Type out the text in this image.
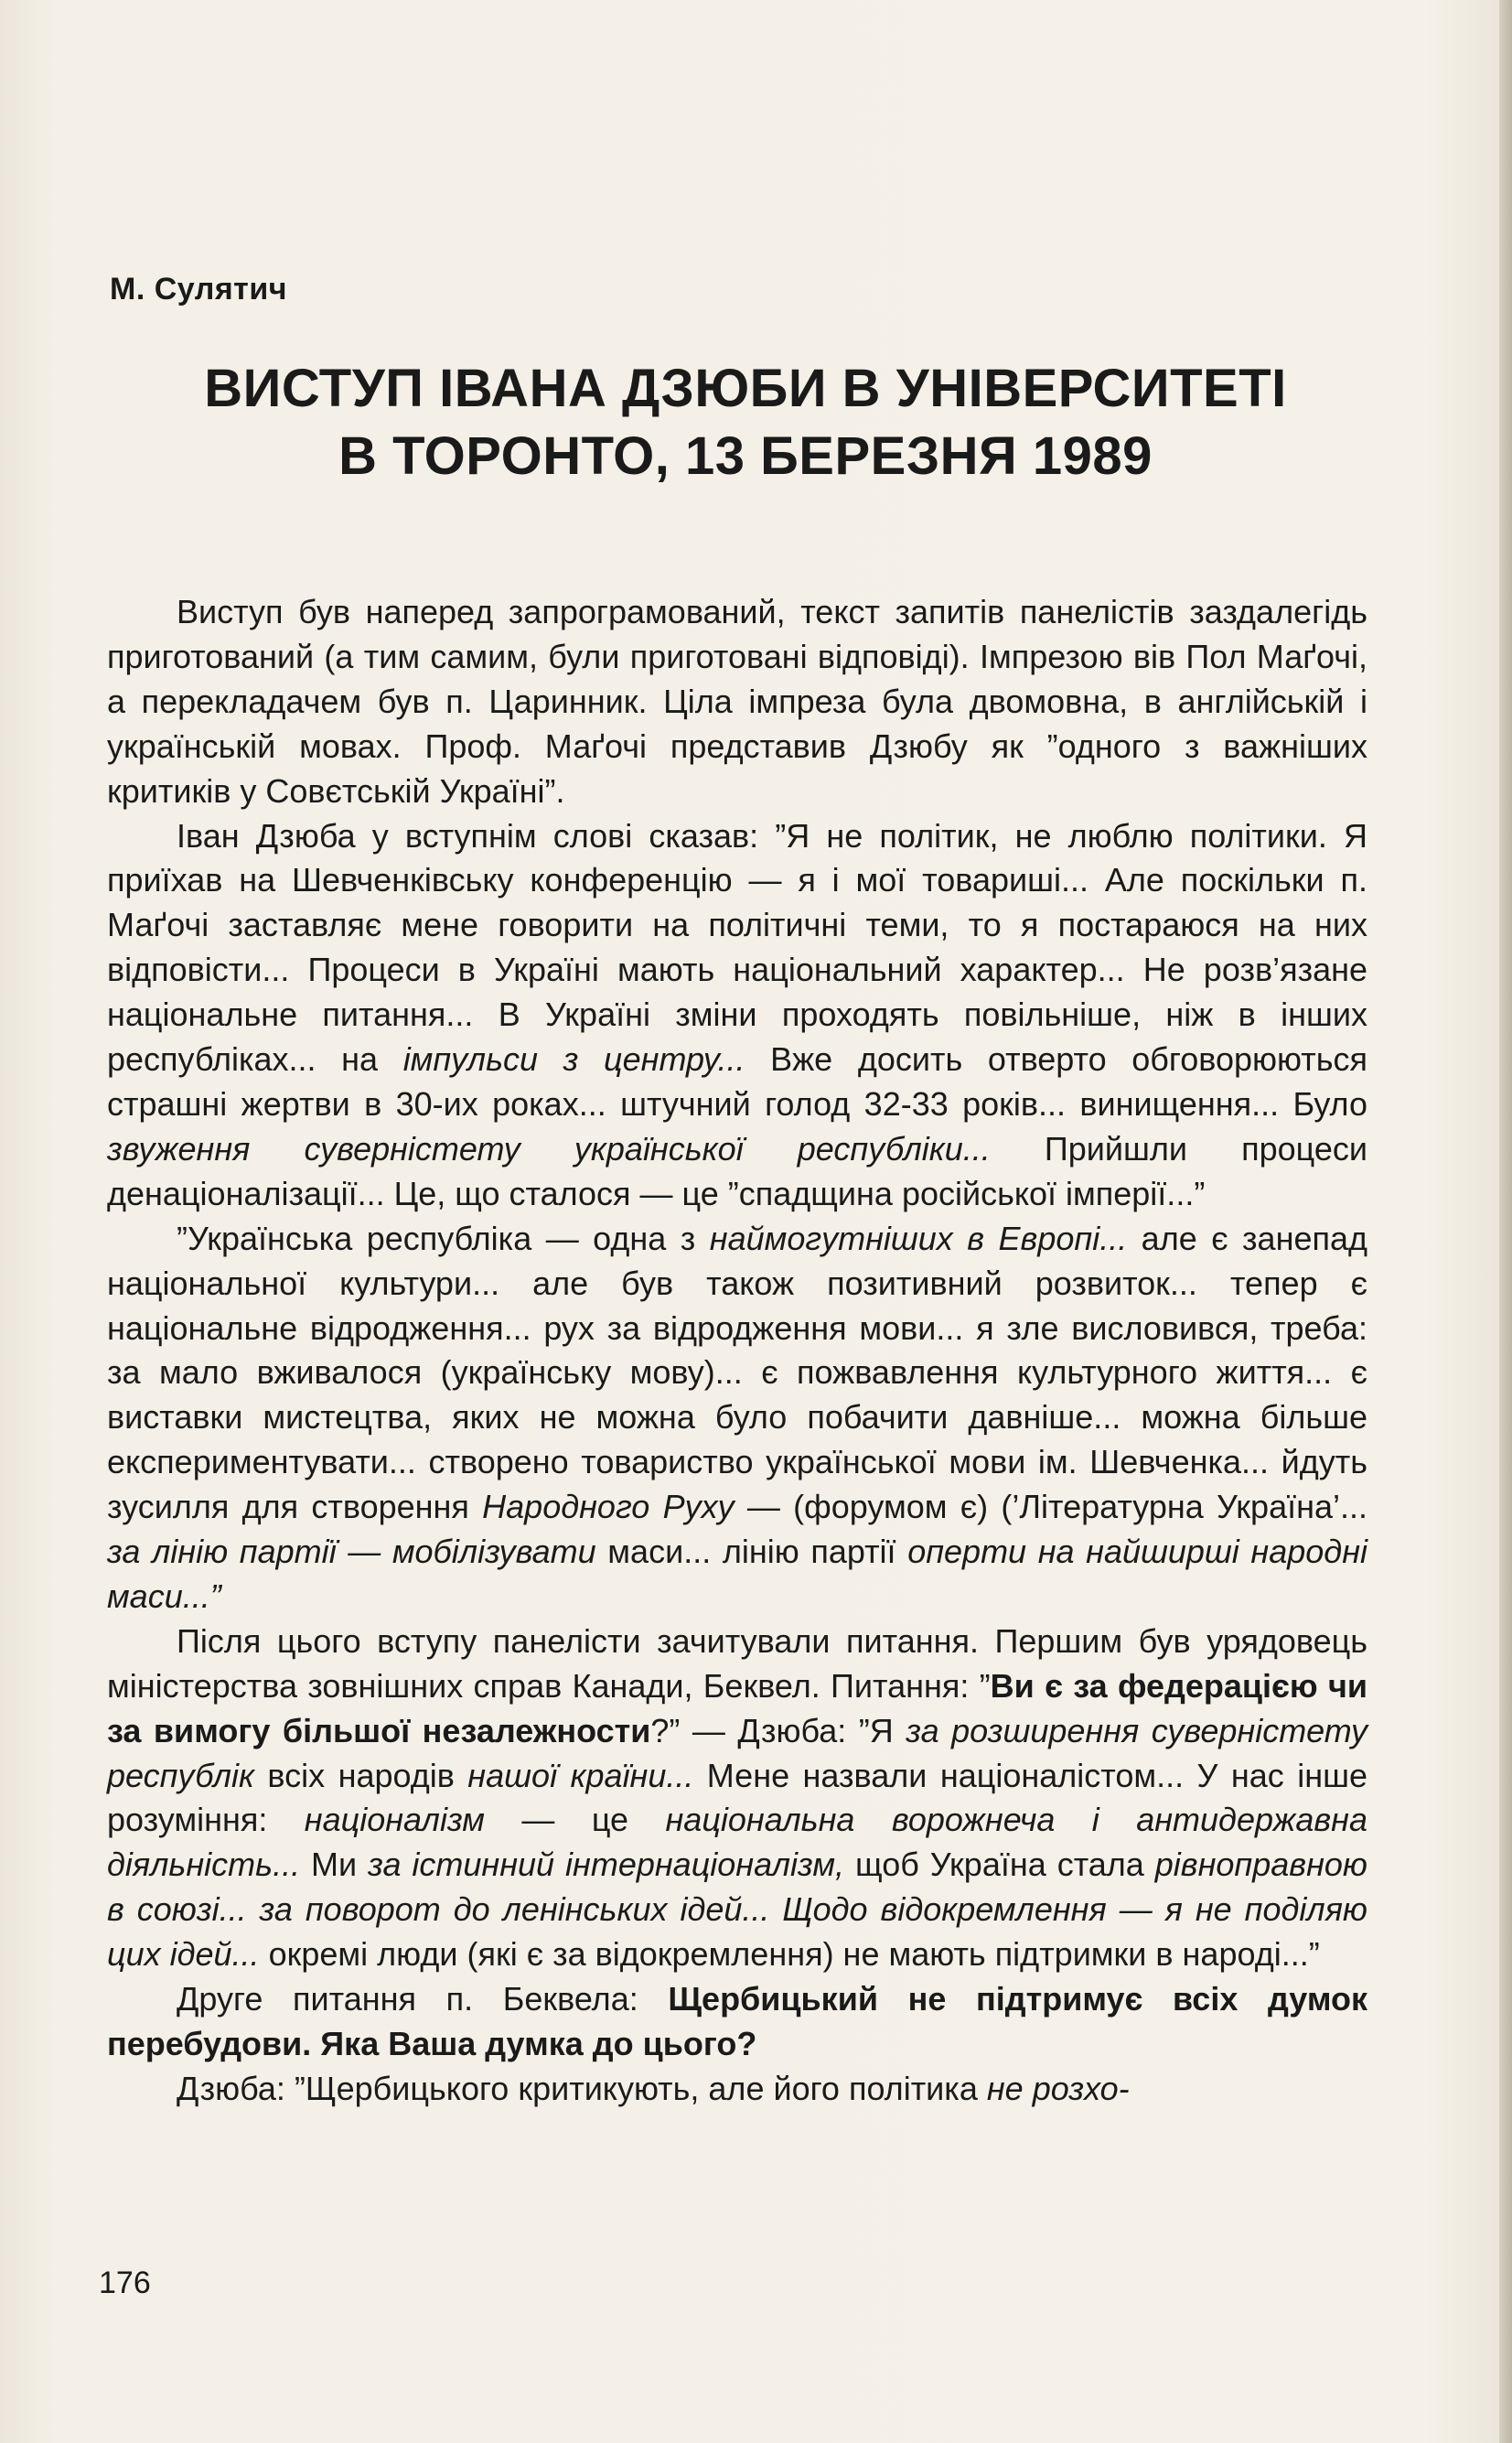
М. Сулятич
ВИСТУП ІВАНА ДЗЮБИ В УНІВЕРСИТЕТІ
В ТОРОНТО, 13 БЕРЕЗНЯ 1989

Виступ був наперед запрограмований, текст запитів панелістів заздалегідь приготований (а тим самим, були приготовані відповіді). Імпрезою вів Пол Маґочі, а перекладачем був п. Царинник. Ціла імпреза була двомовна, в англійській і українській мовах. Проф. Маґочі представив Дзюбу як ”одного з важніших критиків у Совєтській Україні”.

Іван Дзюба у вступнім слові сказав: ”Я не політик, не люблю політики. Я приїхав на Шевченківську конференцію — я і мої товариші... Але поскільки п. Маґочі заставляє мене говорити на політичні теми, то я постараюся на них відповісти... Процеси в Україні мають національний характер... Не розв’язане національне питання... В Україні зміни проходять повільніше, ніж в інших республіках... на імпульси з центру... Вже досить отверто обговорюються страшні жертви в 30-их роках... штучний голод 32-33 років... винищення... Було звуження суверністету української республіки... Прийшли процеси денаціоналізації... Це, що сталося — це ”спадщина російської імперії...”

”Українська республіка — одна з наймогутніших в Европі... але є занепад національної культури... але був також позитивний розвиток... тепер є національне відродження... рух за відродження мови... я зле висловився, треба: за мало вживалося (українську мову)... є пожвавлення культурного життя... є виставки мистецтва, яких не можна було побачити давніше... можна більше експериментувати... створено товариство української мови ім. Шевченка... йдуть зусилля для створення Народного Руху — (форумом є) (’Літературна Україна’... за лінію партії — мобілізувати маси... лінію партії оперти на найширші народні маси...”

Після цього вступу панелісти зачитували питання. Першим був урядовець міністерства зовнішних справ Канади, Беквел. Питання: ”Ви є за федерацією чи за вимогу більшої незалежности?” — Дзюба: ”Я за розширення суверністету республік всіх народів нашої країни... Мене назвали націоналістом... У нас інше розуміння: націоналізм — це національна ворожнеча і антидержавна діяльність... Ми за істинний інтернаціоналізм, щоб Україна стала рівноправною в союзі... за поворот до ленінських ідей... Щодо відокремлення — я не поділяю цих ідей... окремі люди (які є за відокремлення) не мають підтримки в народі...”

Друге питання п. Беквела: Щербицький не підтримує всіх думок перебудови. Яка Ваша думка до цього?

Дзюба: ”Щербицького критикують, але його політика не розхо-

176
